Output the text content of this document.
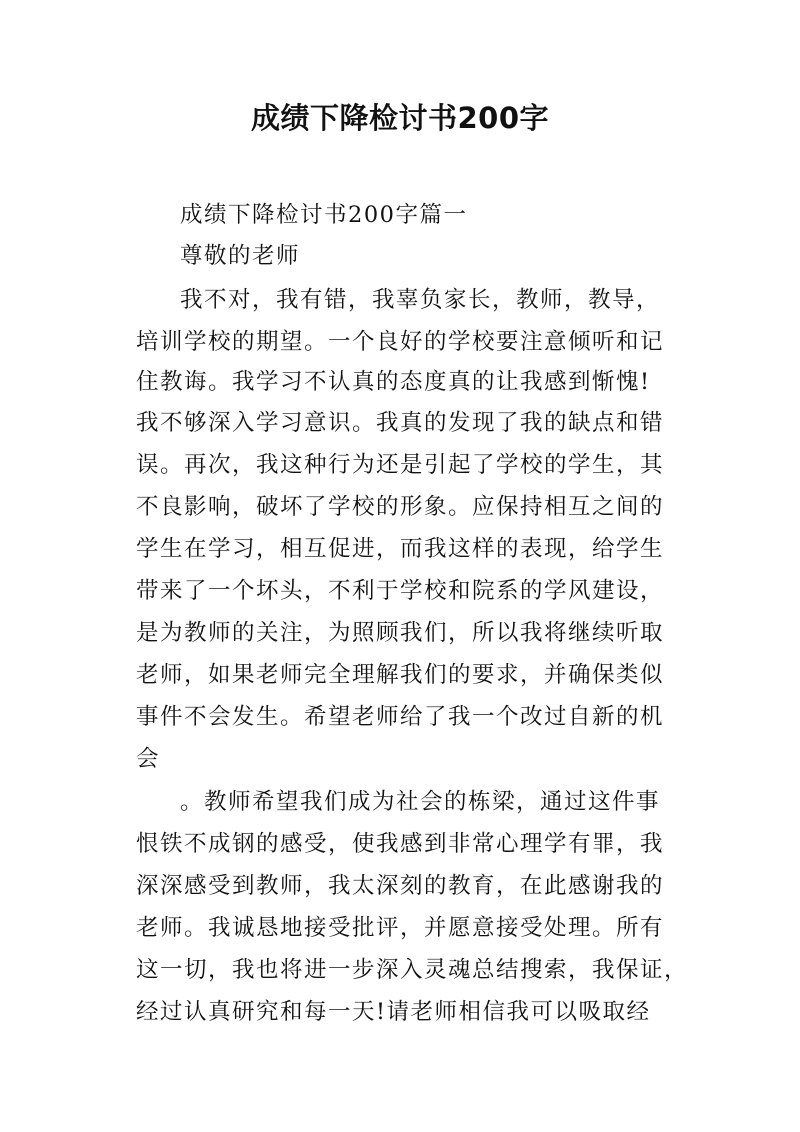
成绩下降检讨书200字
成绩下降检讨书200字篇一
尊敬的老师
我不对，我有错，我辜负家长，教师，教导，
培训学校的期望。一个良好的学校要注意倾听和记
住教诲。我学习不认真的态度真的让我感到惭愧!
我不够深入学习意识。我真的发现了我的缺点和错
误。再次，我这种行为还是引起了学校的学生，其
不良影响，破坏了学校的形象。应保持相互之间的
学生在学习，相互促进，而我这样的表现，给学生
带来了一个坏头，不利于学校和院系的学风建设，
是为教师的关注，为照顾我们，所以我将继续听取
老师，如果老师完全理解我们的要求，并确保类似
事件不会发生。希望老师给了我一个改过自新的机
会
。教师希望我们成为社会的栋梁，通过这件事
恨铁不成钢的感受，使我感到非常心理学有罪，我
深深感受到教师，我太深刻的教育，在此感谢我的
老师。我诚恳地接受批评，并愿意接受处理。所有
这一切，我也将进一步深入灵魂总结搜索，我保证，
经过认真研究和每一天!请老师相信我可以吸取经
